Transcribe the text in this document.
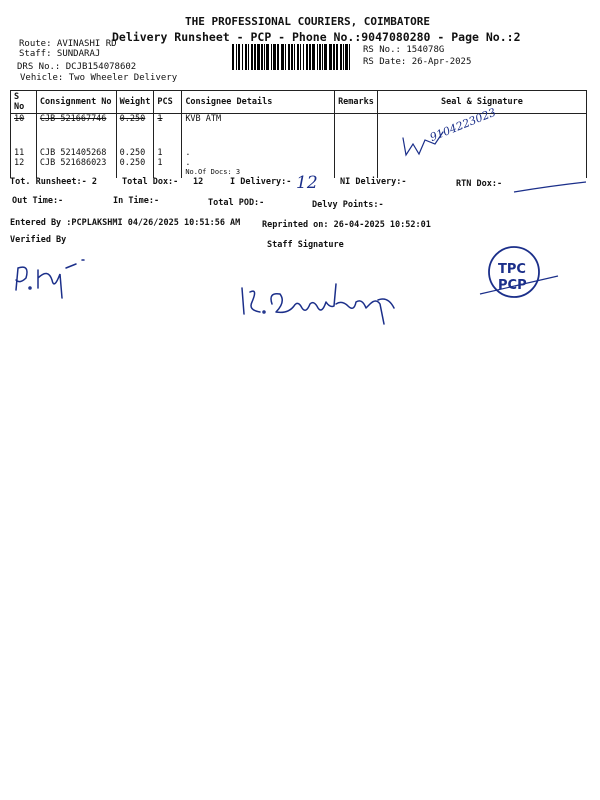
THE PROFESSIONAL COURIERS, COIMBATORE
Delivery Runsheet - PCP - Phone No.:9047080280 - Page No.:2
Route: AVINASHI RD
Staff: SUNDARAJ
DRS No.: DCJB154078602
Vehicle: Two Wheeler Delivery
RS No.: 154078G
RS Date: 26-Apr-2025
S No	Consignment No	Weight	PCS	Consignee Details	Remarks	Seal & Signature
10	CJB 521667746	0.250	1	KVB ATM		
11	CJB 521405268	0.250	1	.		
12	CJB 521686023	0.250	1	.		
				No.Of Docs: 3		
Tot. Runsheet:- 2	Total Dox:- 12	I Delivery:- 12	NI Delivery:-	RTN Dox:-
Out Time:-	In Time:-	Total POD:-	Delvy Points:-
Entered By :PCPLAKSHMI 04/26/2025 10:51:56 AM	Reprinted on: 26-04-2025 10:52:01
Verified By	Staff Signature
9104223023
TPC
PCP
